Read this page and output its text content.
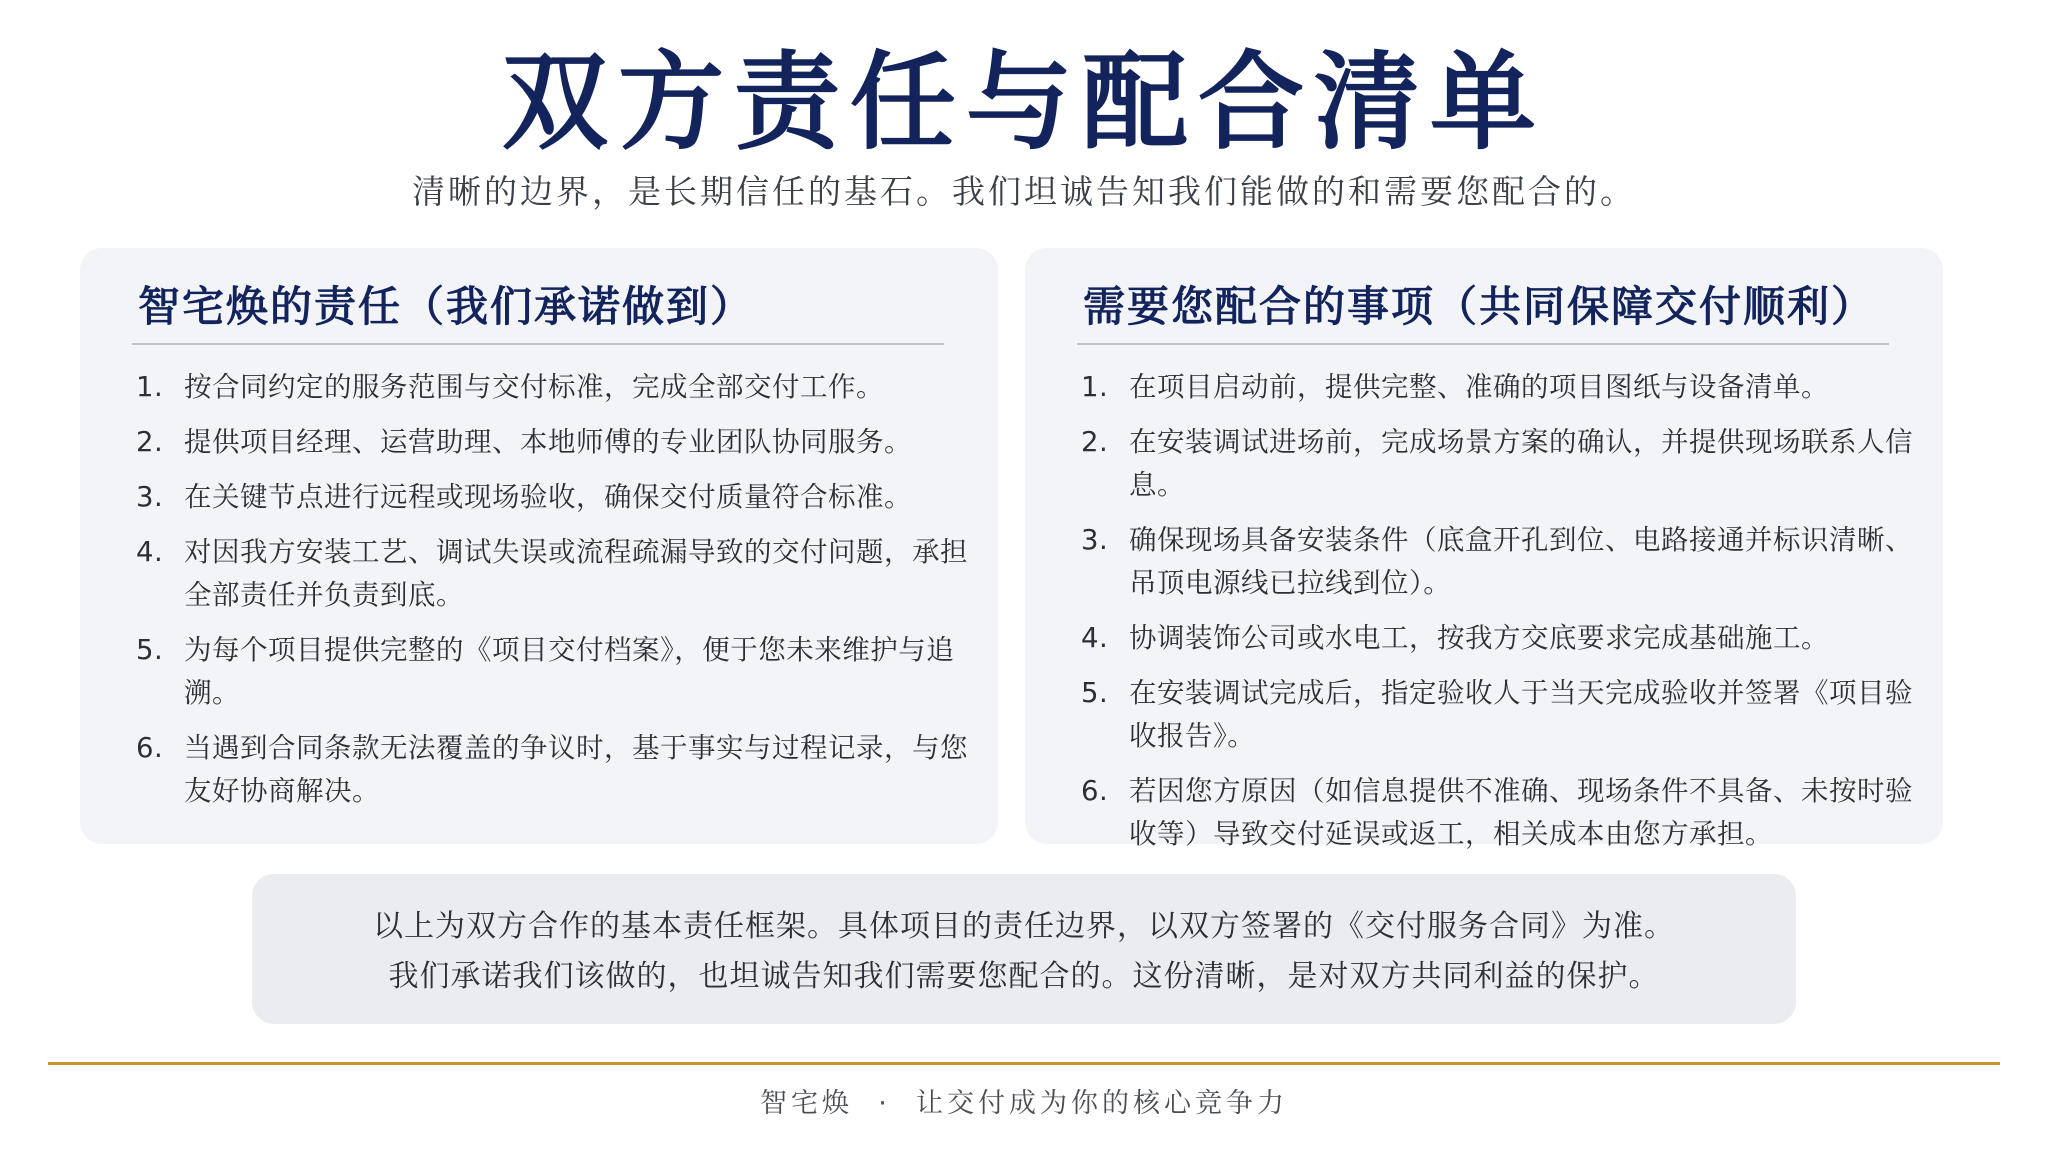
双方责任与配合清单
清晰的边界，是长期信任的基石。我们坦诚告知我们能做的和需要您配合的。
智宅焕的责任（我们承诺做到）
1. 按合同约定的服务范围与交付标准，完成全部交付工作。
2. 提供项目经理、运营助理、本地师傅的专业团队协同服务。
3. 在关键节点进行远程或现场验收，确保交付质量符合标准。
4. 对因我方安装工艺、调试失误或流程疏漏导致的交付问题，承担全部责任并负责到底。
5. 为每个项目提供完整的《项目交付档案》，便于您未来维护与追溯。
6. 当遇到合同条款无法覆盖的争议时，基于事实与过程记录，与您友好协商解决。
需要您配合的事项（共同保障交付顺利）
1. 在项目启动前，提供完整、准确的项目图纸与设备清单。
2. 在安装调试进场前，完成场景方案的确认，并提供现场联系人信息。
3. 确保现场具备安装条件（底盒开孔到位、电路接通并标识清晰、吊顶电源线已拉线到位）。
4. 协调装饰公司或水电工，按我方交底要求完成基础施工。
5. 在安装调试完成后，指定验收人于当天完成验收并签署《项目验收报告》。
6. 若因您方原因（如信息提供不准确、现场条件不具备、未按时验收等）导致交付延误或返工，相关成本由您方承担。

以上为双方合作的基本责任框架。具体项目的责任边界，以双方签署的《交付服务合同》为准。

我们承诺我们该做的，也坦诚告知我们需要您配合的。这份清晰，是对双方共同利益的保护。

智宅焕  ·  让交付成为你的核心竞争力
